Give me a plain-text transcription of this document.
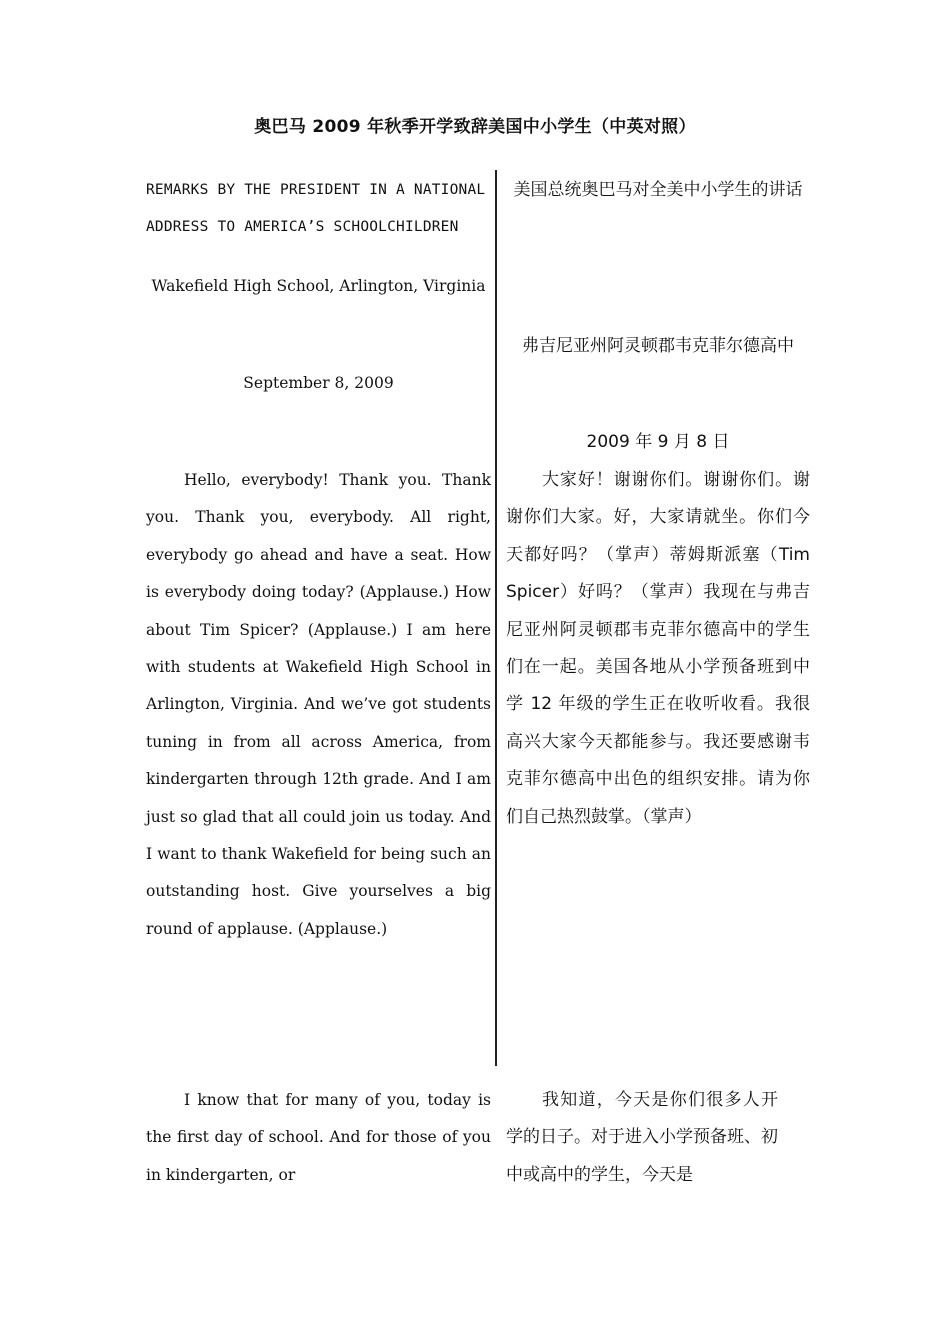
奥巴马 2009 年秋季开学致辞美国中小学生（中英对照）
REMARKS BY THE PRESIDENT IN A NATIONAL ADDRESS TO AMERICA’S SCHOOLCHILDREN
Wakefield High School, Arlington, Virginia
September 8, 2009
Hello, everybody! Thank you. Thank you. Thank you, everybody. All right, everybody go ahead and have a seat. How is everybody doing today? (Applause.) How about Tim Spicer? (Applause.) I am here with students at Wakefield High School in Arlington, Virginia. And we’ve got students tuning in from all across America, from kindergarten through 12th grade. And I am just so glad that all could join us today. And I want to thank Wakefield for being such an outstanding host. Give yourselves a big round of applause. (Applause.)
I know that for many of you, today is the first day of school. And for those of you in kindergarten, or
美国总统奥巴马对全美中小学生的讲话
弗吉尼亚州阿灵顿郡韦克菲尔德高中
2009 年 9 月 8 日
大家好！谢谢你们。谢谢你们。谢谢你们大家。好，大家请就坐。你们今天都好吗？（掌声）蒂姆斯派塞（Tim Spicer）好吗？（掌声）我现在与弗吉尼亚州阿灵顿郡韦克菲尔德高中的学生们在一起。美国各地从小学预备班到中学 12 年级的学生正在收听收看。我很高兴大家今天都能参与。我还要感谢韦克菲尔德高中出色的组织安排。请为你们自己热烈鼓掌。（掌声）
我知道，今天是你们很多人开学的日子。对于进入小学预备班、初中或高中的学生，今天是
